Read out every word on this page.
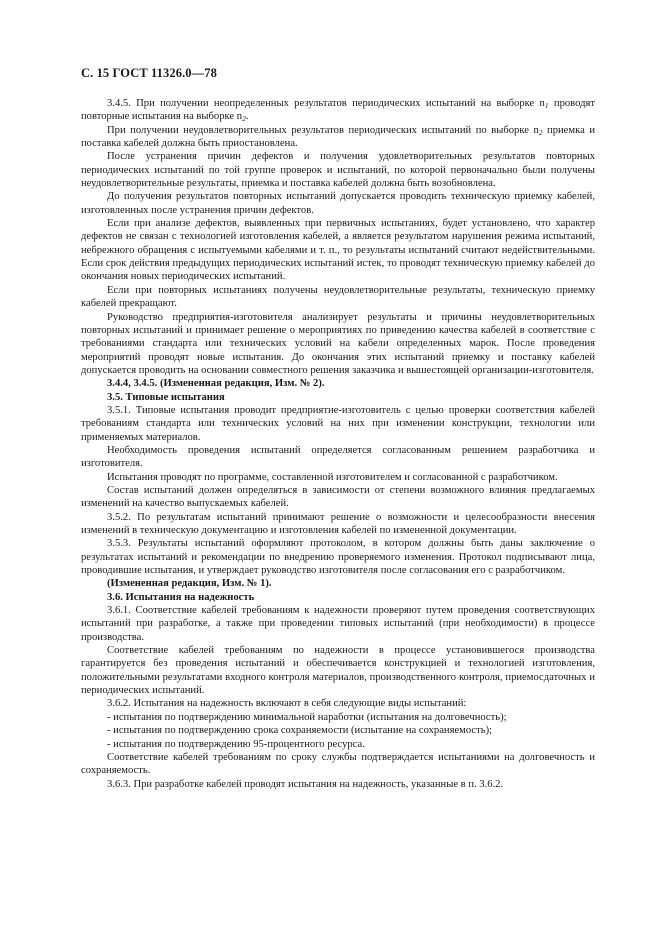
С. 15 ГОСТ 11326.0—78

3.4.5. При получении неопределенных результатов периодических испытаний на выборке $n_1$ проводят повторные испытания на выборке $n_2$.

При получении неудовлетворительных результатов периодических испытаний по выборке $n_2$ приемка и поставка кабелей должна быть приостановлена.

После устранения причин дефектов и получения удовлетворительных результатов повторных периодических испытаний по той группе проверок и испытаний, по которой первоначально были получены неудовлетворительные результаты, приемка и поставка кабелей должна быть возобновлена.

До получения результатов повторных испытаний допускается проводить техническую приемку кабелей, изготовленных после устранения причин дефектов.

Если при анализе дефектов, выявленных при первичных испытаниях, будет установлено, что характер дефектов не связан с технологией изготовления кабелей, а является результатом нарушения режима испытаний, небрежного обращения с испытуемыми кабелями и т. п., то результаты испытаний считают недействительными. Если срок действия предыдущих периодических испытаний истек, то проводят техническую приемку кабелей до окончания новых периодических испытаний.

Если при повторных испытаниях получены неудовлетворительные результаты, техническую приемку кабелей прекращают.

Руководство предприятия-изготовителя анализирует результаты и причины неудовлетворительных повторных испытаний и принимает решение о мероприятиях по приведению качества кабелей в соответствие с требованиями стандарта или технических условий на кабели определенных марок. После проведения мероприятий проводят новые испытания. До окончания этих испытаний приемку и поставку кабелей допускается проводить на основании совместного решения заказчика и вышестоящей организации-изготовителя.

3.4.4, 3.4.5. (Измененная редакция, Изм. № 2).

3.5. Типовые испытания

3.5.1. Типовые испытания проводит предприятие-изготовитель с целью проверки соответствия кабелей требованиям стандарта или технических условий на них при изменении конструкции, технологии или применяемых материалов.

Необходимость проведения испытаний определяется согласованным решением разработчика и изготовителя.

Испытания проводят по программе, составленной изготовителем и согласованной с разработчиком.

Состав испытаний должен определяться в зависимости от степени возможного влияния предлагаемых изменений на качество выпускаемых кабелей.

3.5.2. По результатам испытаний принимают решение о возможности и целесообразности внесения изменений в техническую документацию и изготовления кабелей по измененной документации.

3.5.3. Результаты испытаний оформляют протоколом, в котором должны быть даны заключение о результатах испытаний и рекомендации по внедрению проверяемого изменения. Протокол подписывают лица, проводившие испытания, и утверждает руководство изготовителя после согласования его с разработчиком.

(Измененная редакция, Изм. № 1).

3.6. Испытания на надежность

3.6.1. Соответствие кабелей требованиям к надежности проверяют путем проведения соответствующих испытаний при разработке, а также при проведении типовых испытаний (при необходимости) в процессе производства.

Соответствие кабелей требованиям по надежности в процессе установившегося производства гарантируется без проведения испытаний и обеспечивается конструкцией и технологией изготовления, положительными результатами входного контроля материалов, производственного контроля, приемосдаточных и периодических испытаний.

3.6.2. Испытания на надежность включают в себя следующие виды испытаний:

- испытания по подтверждению минимальной наработки (испытания на долговечность);

- испытания по подтверждению срока сохраняемости (испытание на сохраняемость);

- испытания по подтверждению 95-процентного ресурса.

Соответствие кабелей требованиям по сроку службы подтверждается испытаниями на долговечность и сохраняемость.

3.6.3. При разработке кабелей проводят испытания на надежность, указанные в п. 3.6.2.
